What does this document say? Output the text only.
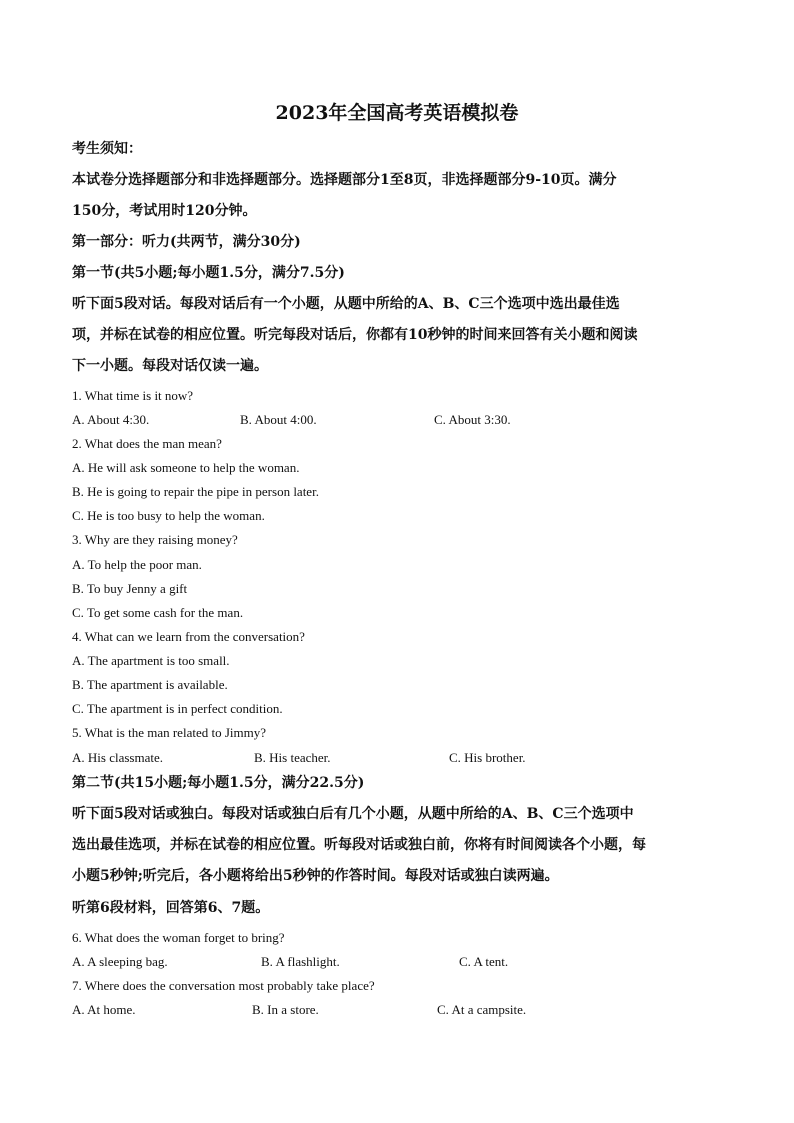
2023年全国高考英语模拟卷
考生须知：
本试卷分选择题部分和非选择题部分。选择题部分1至8页，非选择题部分9-10页。满分
150分，考试用时120分钟。
第一部分：听力(共两节，满分30分)
第一节(共5小题;每小题1.5分，满分7.5分)
听下面5段对话。每段对话后有一个小题，从题中所给的A、B、C三个选项中选出最佳选
项，并标在试卷的相应位置。听完每段对话后，你都有10秒钟的时间来回答有关小题和阅读
下一小题。每段对话仅读一遍。
1. What time is it now?
A. About 4:30.	B. About 4:00.	C. About 3:30.
2. What does the man mean?
A. He will ask someone to help the woman.
B. He is going to repair the pipe in person later.
C. He is too busy to help the woman.
3. Why are they raising money?
A. To help the poor man.
B. To buy Jenny a gift
C. To get some cash for the man.
4. What can we learn from the conversation?
A. The apartment is too small.
B. The apartment is available.
C. The apartment is in perfect condition.
5. What is the man related to Jimmy?
A. His classmate.	B. His teacher.	C. His brother.
第二节(共15小题;每小题1.5分，满分22.5分)
听下面5段对话或独白。每段对话或独白后有几个小题，从题中所给的A、B、C三个选项中
选出最佳选项，并标在试卷的相应位置。听每段对话或独白前，你将有时间阅读各个小题，每
小题5秒钟;听完后，各小题将给出5秒钟的作答时间。每段对话或独白读两遍。
听第6段材料，回答第6、7题。
6. What does the woman forget to bring?
A. A sleeping bag.	B. A flashlight.	C. A tent.
7. Where does the conversation most probably take place?
A. At home.	B. In a store.	C. At a campsite.
